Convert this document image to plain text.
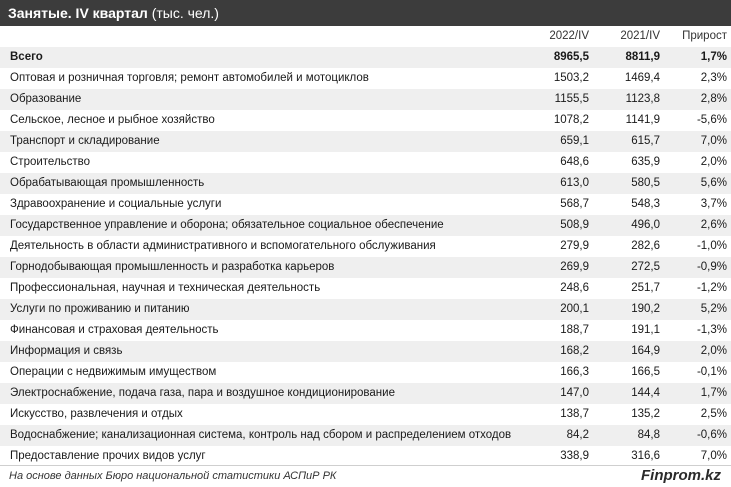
Занятые. IV квартал (тыс. чел.)
	2022/IV	2021/IV	Прирост
Всего	8965,5	8811,9	1,7%
Оптовая и розничная торговля; ремонт автомобилей и мотоциклов	1503,2	1469,4	2,3%
Образование	1155,5	1123,8	2,8%
Сельское, лесное и рыбное хозяйство	1078,2	1141,9	-5,6%
Транспорт и складирование	659,1	615,7	7,0%
Строительство	648,6	635,9	2,0%
Обрабатывающая промышленность	613,0	580,5	5,6%
Здравоохранение и социальные услуги	568,7	548,3	3,7%
Государственное управление и оборона; обязательное социальное обеспечение	508,9	496,0	2,6%
Деятельность в области административного и вспомогательного обслуживания	279,9	282,6	-1,0%
Горнодобывающая промышленность и разработка карьеров	269,9	272,5	-0,9%
Профессиональная, научная и техническая деятельность	248,6	251,7	-1,2%
Услуги по проживанию и питанию	200,1	190,2	5,2%
Финансовая и страховая деятельность	188,7	191,1	-1,3%
Информация и связь	168,2	164,9	2,0%
Операции с недвижимым имуществом	166,3	166,5	-0,1%
Электроснабжение, подача газа, пара и воздушное кондиционирование	147,0	144,4	1,7%
Искусство, развлечения и отдых	138,7	135,2	2,5%
Водоснабжение; канализационная система, контроль над сбором и распределением отходов	84,2	84,8	-0,6%
Предоставление прочих видов услуг	338,9	316,6	7,0%
На основе данных Бюро национальной статистики АСПиР РК	Finprom.kz
